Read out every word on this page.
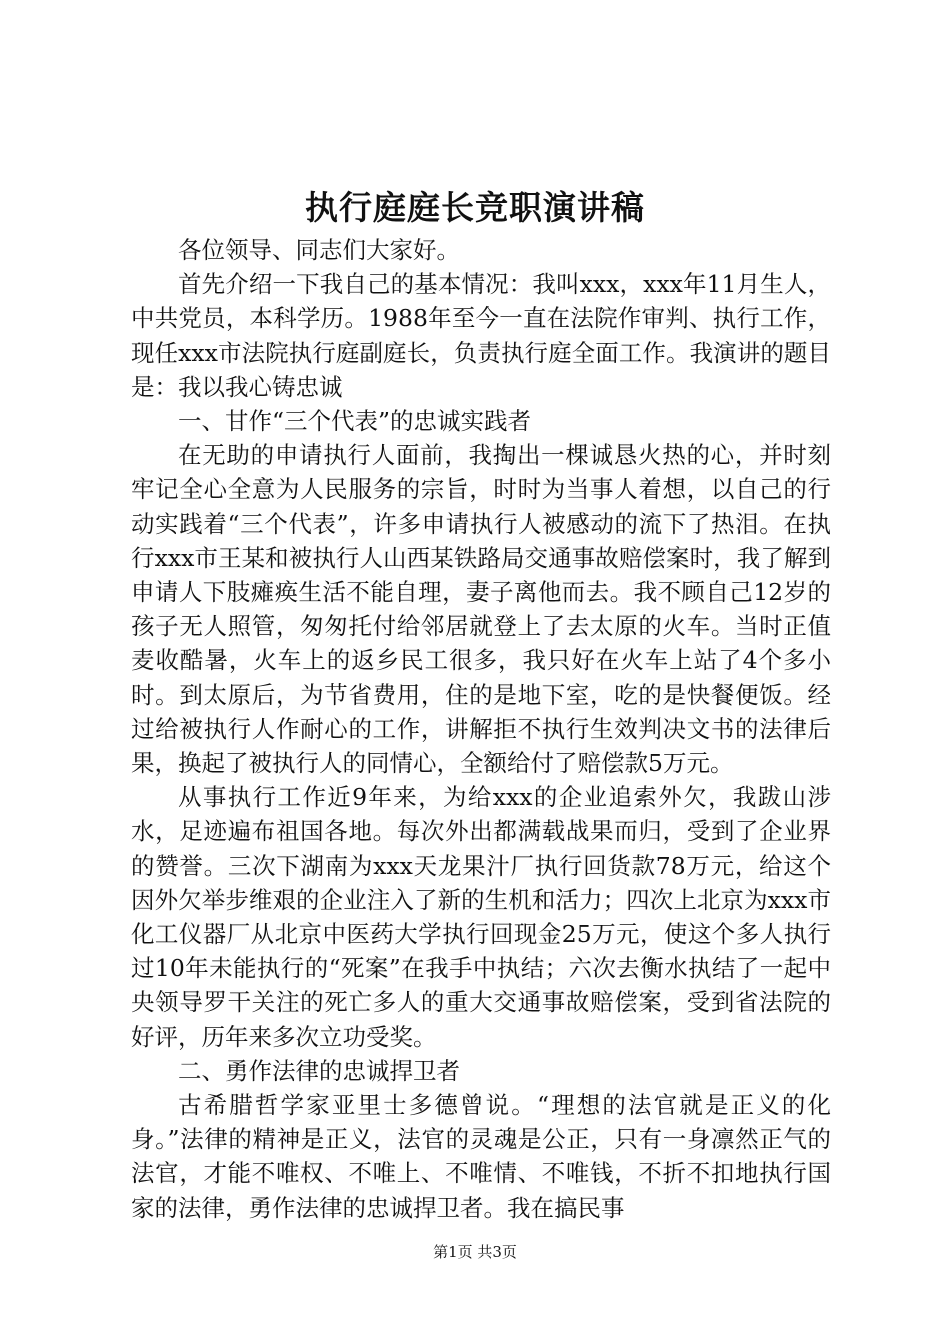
执行庭庭长竞职演讲稿

各位领导、同志们大家好。

首先介绍一下我自己的基本情况：我叫xxx，xxx年11月生人，中共党员，本科学历。1988年至今一直在法院作审判、执行工作，现任xxx市法院执行庭副庭长，负责执行庭全面工作。我演讲的题目是：我以我心铸忠诚

一、甘作“三个代表”的忠诚实践者

在无助的申请执行人面前，我掏出一棵诚恳火热的心，并时刻牢记全心全意为人民服务的宗旨，时时为当事人着想，以自己的行动实践着“三个代表”，许多申请执行人被感动的流下了热泪。在执行xxx市王某和被执行人山西某铁路局交通事故赔偿案时，我了解到申请人下肢瘫痪生活不能自理，妻子离他而去。我不顾自己12岁的孩子无人照管，匆匆托付给邻居就登上了去太原的火车。当时正值麦收酷暑，火车上的返乡民工很多，我只好在火车上站了4个多小时。到太原后，为节省费用，住的是地下室，吃的是快餐便饭。经过给被执行人作耐心的工作，讲解拒不执行生效判决文书的法律后果，换起了被执行人的同情心，全额给付了赔偿款5万元。

从事执行工作近9年来，为给xxx的企业追索外欠，我跋山涉水，足迹遍布祖国各地。每次外出都满载战果而归，受到了企业界的赞誉。三次下湖南为xxx天龙果汁厂执行回货款78万元，给这个因外欠举步维艰的企业注入了新的生机和活力；四次上北京为xxx市化工仪器厂从北京中医药大学执行回现金25万元，使这个多人执行过10年未能执行的“死案”在我手中执结；六次去衡水执结了一起中央领导罗干关注的死亡多人的重大交通事故赔偿案，受到省法院的好评，历年来多次立功受奖。

二、勇作法律的忠诚捍卫者

古希腊哲学家亚里士多德曾说。“理想的法官就是正义的化身。”法律的精神是正义，法官的灵魂是公正，只有一身凛然正气的法官，才能不唯权、不唯上、不唯情、不唯钱，不折不扣地执行国家的法律，勇作法律的忠诚捍卫者。我在搞民事

第1页 共3页
